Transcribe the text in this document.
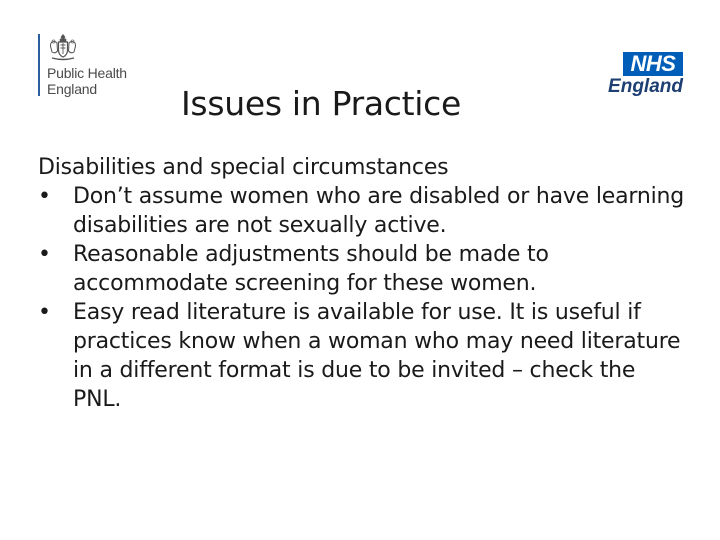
Public Health
England
NHS
England
Issues in Practice
Disabilities and special circumstances
•	Don’t assume women who are disabled or have learning disabilities are not sexually active.
•	Reasonable adjustments should be made to accommodate screening for these women.
•	Easy read literature is available for use. It is useful if practices know when a woman who may need literature in a different format is due to be invited – check the PNL.
